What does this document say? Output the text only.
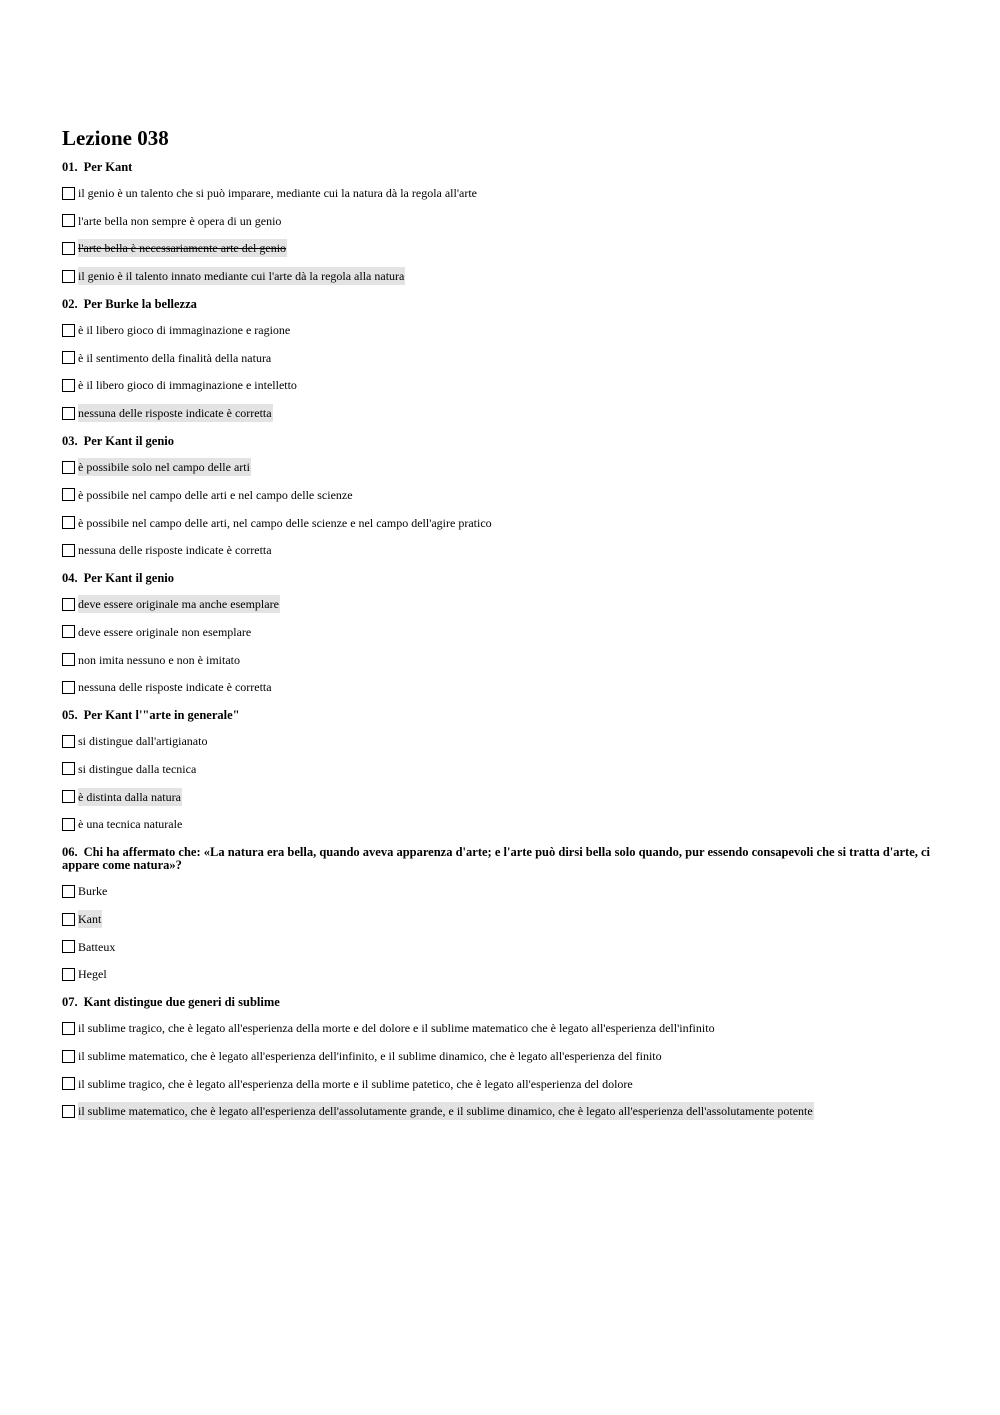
Lezione 038
01. Per Kant
il genio è un talento che si può imparare, mediante cui la natura dà la regola all'arte
l'arte bella non sempre è opera di un genio
l'arte bella è necessariamente arte del genio
il genio è il talento innato mediante cui l'arte dà la regola alla natura
02. Per Burke la bellezza
è il libero gioco di immaginazione e ragione
è il sentimento della finalità della natura
è il libero gioco di immaginazione e intelletto
nessuna delle risposte indicate è corretta
03. Per Kant il genio
è possibile solo nel campo delle arti
è possibile nel campo delle arti e nel campo delle scienze
è possibile nel campo delle arti, nel campo delle scienze e nel campo dell'agire pratico
nessuna delle risposte indicate è corretta
04. Per Kant il genio
deve essere originale ma anche esemplare
deve essere originale non esemplare
non imita nessuno e non è imitato
nessuna delle risposte indicate è corretta
05. Per Kant l'"arte in generale"
si distingue dall'artigianato
si distingue dalla tecnica
è distinta dalla natura
è una tecnica naturale
06. Chi ha affermato che: «La natura era bella, quando aveva apparenza d'arte; e l'arte può dirsi bella solo quando, pur essendo consapevoli che si tratta d'arte, ci appare come natura»?
Burke
Kant
Batteux
Hegel
07. Kant distingue due generi di sublime
il sublime tragico, che è legato all'esperienza della morte e del dolore e il sublime matematico che è legato all'esperienza dell'infinito
il sublime matematico, che è legato all'esperienza dell'infinito, e il sublime dinamico, che è legato all'esperienza del finito
il sublime tragico, che è legato all'esperienza della morte e il sublime patetico, che è legato all'esperienza del dolore
il sublime matematico, che è legato all'esperienza dell'assolutamente grande, e il sublime dinamico, che è legato all'esperienza dell'assolutamente potente
